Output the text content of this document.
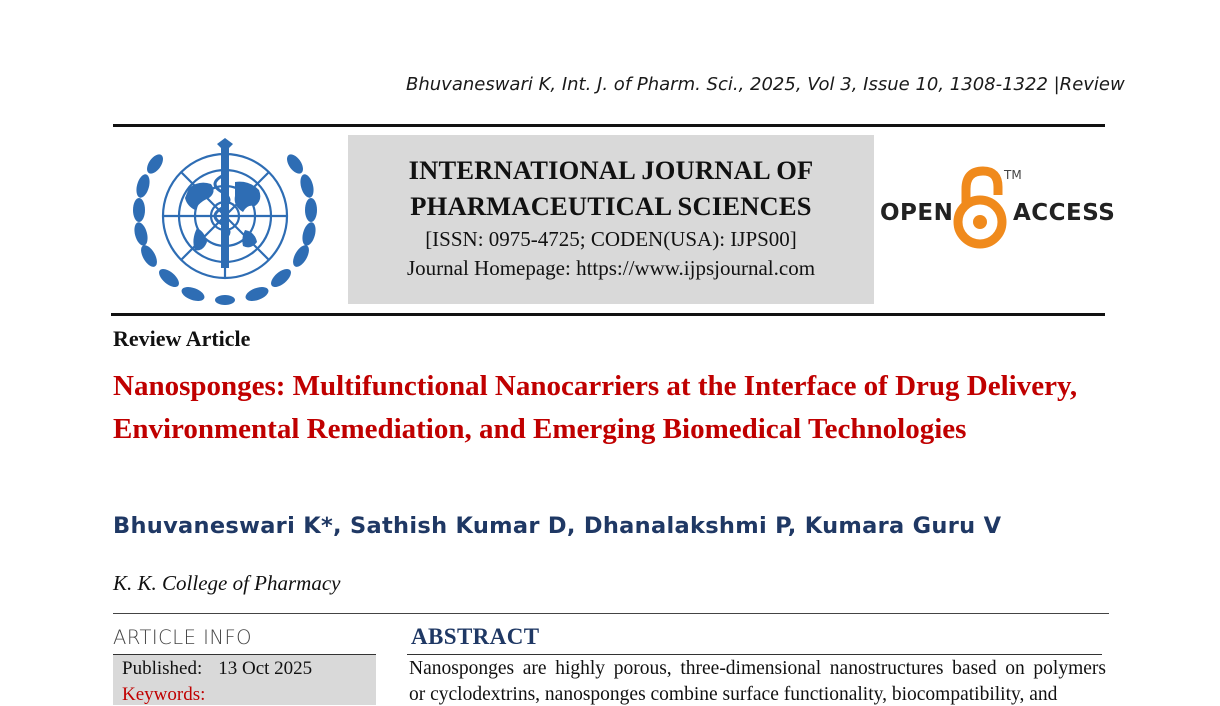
Bhuvaneswari K, Int. J. of Pharm. Sci., 2025, Vol 3, Issue 10, 1308-1322 |Review
INTERNATIONAL JOURNAL OF
PHARMACEUTICAL SCIENCES
[ISSN: 0975-4725; CODEN(USA): IJPS00]
Journal Homepage: https://www.ijpsjournal.com
TM
OPEN	ACCESS
Review Article
Nanosponges: Multifunctional Nanocarriers at the Interface of Drug Delivery, Environmental Remediation, and Emerging Biomedical Technologies
Bhuvaneswari K*, Sathish Kumar D, Dhanalakshmi P, Kumara Guru V
K. K. College of Pharmacy
ARTICLE INFO
Published: 13 Oct 2025
Keywords:
ABSTRACT
Nanosponges are highly porous, three-dimensional nanostructures based on polymers
or cyclodextrins, nanosponges combine surface functionality, biocompatibility, and
